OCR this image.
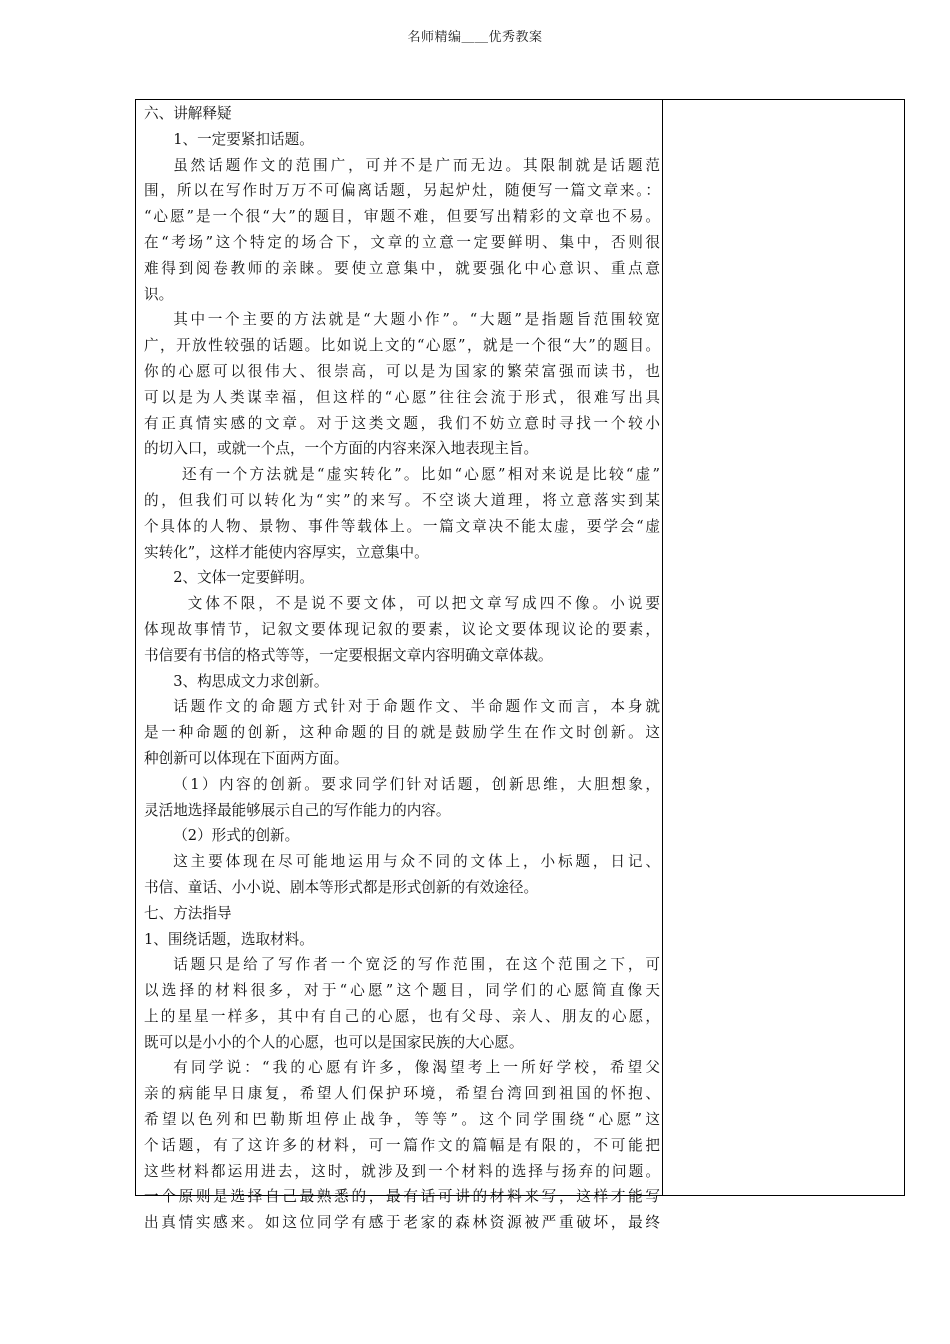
名师精编＿＿优秀教案
六、讲解释疑
1、一定要紧扣话题。
虽然话题作文的范围广，可并不是广而无边。其限制就是话题范
围，所以在写作时万万不可偏离话题，另起炉灶，随便写一篇文章来。：
“心愿”是一个很“大”的题目，审题不难，但要写出精彩的文章也不易。
在“考场”这个特定的场合下，文章的立意一定要鲜明、集中，否则很
难得到阅卷教师的亲睐。要使立意集中，就要强化中心意识、重点意
识。
其中一个主要的方法就是“大题小作”。“大题”是指题旨范围较宽
广，开放性较强的话题。比如说上文的“心愿”，就是一个很“大”的题目。
你的心愿可以很伟大、很崇高，可以是为国家的繁荣富强而读书，也
可以是为人类谋幸福，但这样的“心愿”往往会流于形式，很难写出具
有正真情实感的文章。对于这类文题，我们不妨立意时寻找一个较小
的切入口，或就一个点，一个方面的内容来深入地表现主旨。
还有一个方法就是“虚实转化”。比如“心愿”相对来说是比较“虚”
的，但我们可以转化为“实”的来写。不空谈大道理，将立意落实到某
个具体的人物、景物、事件等载体上。一篇文章决不能太虚，要学会“虚
实转化”，这样才能使内容厚实，立意集中。
2、文体一定要鲜明。
文体不限，不是说不要文体，可以把文章写成四不像。小说要
体现故事情节，记叙文要体现记叙的要素，议论文要体现议论的要素，
书信要有书信的格式等等，一定要根据文章内容明确文章体裁。
3、构思成文力求创新。
话题作文的命题方式针对于命题作文、半命题作文而言，本身就
是一种命题的创新，这种命题的目的就是鼓励学生在作文时创新。这
种创新可以体现在下面两方面。
（1）内容的创新。要求同学们针对话题，创新思维，大胆想象，
灵活地选择最能够展示自己的写作能力的内容。
（2）形式的创新。
这主要体现在尽可能地运用与众不同的文体上，小标题，日记、
书信、童话、小小说、剧本等形式都是形式创新的有效途径。
七、方法指导
1、围绕话题，选取材料。
话题只是给了写作者一个宽泛的写作范围，在这个范围之下，可
以选择的材料很多，对于“心愿”这个题目，同学们的心愿简直像天
上的星星一样多，其中有自己的心愿，也有父母、亲人、朋友的心愿，
既可以是小小的个人的心愿，也可以是国家民族的大心愿。
有同学说：“我的心愿有许多，像渴望考上一所好学校，希望父
亲的病能早日康复，希望人们保护环境，希望台湾回到祖国的怀抱、
希望以色列和巴勒斯坦停止战争，等等”。这个同学围绕“心愿”这
个话题，有了这许多的材料，可一篇作文的篇幅是有限的，不可能把
这些材料都运用进去，这时，就涉及到一个材料的选择与扬弃的问题。
一个原则是选择自己最熟悉的，最有话可讲的材料来写，这样才能写
出真情实感来。如这位同学有感于老家的森林资源被严重破坏，最终
